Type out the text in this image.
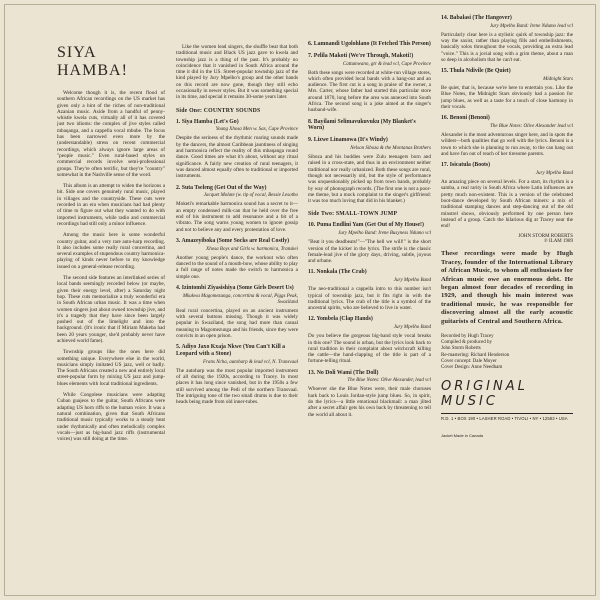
SIYA HAMBA!

Welcome though it is, the recent flood of southern African recordings on the US market has given only a hint of the riches of non-traditional Azanian music. Aside from a handful of penny-whistle kwela cuts, virtually all of it has covered just two idioms: the complex of jive styles called mbaqanga, and a cappella vocal mbube. The focus has been narrowed even more by the (understandable) stress on recent commercial recordings, which always ignore large areas of "people music." Even rural-based styles on commercial records involve semi-professional groups. They're often terrific, but they're "country" somewhat in the Nashville sense of the word.

This album is an attempt to widen the horizons a bit. Side one covers genuinely rural music, played in villages and the countryside. These cuts were recorded in an era when musicians had had plenty of time to figure out what they wanted to do with imported instruments, while radio and commercial recordings had still only a minor influence.

Among the music here is some wonderful country guitar, and a very rare auto-harp recording. It also includes some really rural concertina, and several examples of stupendous country harmonica-playing of kinds never before to my knowledge issued on a general-release recording.

The second side features an interlinked series of local bands seemingly recorded below (or maybe, given their energy level, after) a Saturday night hop. These cuts memorialize a truly wonderful era in South African urban music. It was a time when women singers just about owned township jive, and it's a tragedy that they have since been largely pushed out of the limelight and into the background. (It's ironic that if Miriam Makeba had been 20 years younger, she'd probably never have achieved world fame).

Township groups like the ones here did something unique. Everywhere else in the world, musicians simply imitated US jazz, well or badly. The South Africans created a new and entirely local street-popular form by mixing US jazz and jump-blues elements with local traditional ingredients.

While Congolese musicians were adapting Cuban guajeos to the guitar, South Africans were adapting US horn riffs to the human voice. It was a natural combination, given that South Africans traditional music typically works to a steady beat under rhythmically and often melodically complex vocals—just as big-band jazz riffs (instrumental voices) was still doing at the time.

Like the women lead singers, the shuffle beat that both traditional music and Black US jazz gave to kwela and township jazz is a thing of the past. It's probably no coincidence that it vanished in South Africa around the time it did in the US. Street-popular township jazz of the kind played by Jury Mpelho's group and the other bands on this record are now gone, though they still echo occasionally in newer styles. But it was something special in its time, and special it remains 30-some years later.

Side One: COUNTRY SOUNDS
1. Siya Hamba (Let's Go)
Young Xhosa Men w. Sax, Cape Province

Despite the seriness of the rhythmic roaring sounds made by the dancers, the almost Caribbean jauntiness of singing and harmonica reflect the reality of this mbaqanga round dance. Good times are what it's about, without any ritual significance. A fairly new creation of rural teenagers, it was danced almost equally often to traditional or imported instruments.

2. Suta Tseleng (Get Out of the Way)
Jacquet Molate (w. tip of vocal, Bessie Lesotho

Moketi's remarkable harmonica sound has a secret to it—an empty condensed milk-can that he held over the free end of his instrument to add resonance and a bit of a vibrato. The song warns young women to ignore gossip and not to believe any and every protestation of love.

3. Amazeyiboka (Some Socks are Real Costly)
Xhosa Boys and Girls w. harmonica, Transkei

Another young people's dance, the workout who often danced to the sound of a mouth-bow, whose ability to play a full range of notes made the switch to harmonica a simple one.

4. Izintombi Ziyasishiya (Some Girls Desert Us)
Mkukwa Magomezunga, concertina & vocal, Piggs Peak, Swaziland

Real rural concertina, played on an ancient instrument with several buttons missing. Though it was widely popular in Swaziland, the song had more than casual meaning to Magomezunga and his friends, since they were convicts in an open prison.

5. Adiyo Jaxo Kxaja Nkwe (You Can't Kill a Leopard with a Stone)
Frans Ncha, autoharp & lead vcl, N. Transvaal

The autoharp was the most popular imported instrument of all during the 1920s, according to Tracey. In most places it has long since vanished, but in the 1950s a few still survived among the Pedi of the northern Transvaal. The intriguing tone of the two small drums is due to their heads being made from old inner-tubes.

6. Lamnandi Ugolohlano (It Fetched This Person)
7. Pelila Makoti (We're Through, Makoti!)
Cattumwano, gtr & lead vcl, Cape Province

Both these songs were recorded at white-run village stores, which often provided local bands with a hang-out and an audience. The first cut is a song in praise of the owner, a Mrs. Carter, whose father had started this particular store around 1870, long before the area was annexed into South Africa. The second song is a joke aimed at the singer's husband-wife.

8. Bayilami Selimavukuvuku (My Blanket's Worn)
9. Lizwe Linamowa (It's Windy)
Nelson Siboza & the Montanas Brothers

Siboza and his buddies were Zulu teenagers born and raised in a cross-state, and thus in an environment neither traditional nor really urbanized. Both these songs are rural, though not necessarily old, but the style of performance was unquestionably picked up from town bands, probably by way of phonograph records. (The first one is not a poor-me theme, but a mock complaint to the singer's girlfriend: it was too much loving that did in his blanket.)

Side Two: SMALL-TOWN JUMP
10. Puma Endlini Yam (Get Out of My House!)
Jury Mpelho Band: Irene Busyness Ndumo vcl

"Beat it you deadbeats!"—"The hell we will!" is the short version of the kicker in the lyrics. The strife is the classic female-lead jive of the glory days, driving, subtle, joyous and urbane.

11. Nonkala (The Crab)
Jury Mpelho Band

The neo-traditional a cappella intro to this number isn't typical of township jazz, but it fits right in with the traditional lyrics. The crab of the title is a symbol of the ancestral spirits, who are believed to live in water.

12. Yombela (Clap Hands)
Jury Mpelho Band

Do you believe the gorgeous big-band style vocal breaks in this one? The sound is urban, but the lyrics look back to rural tradition in their complaint about witchcraft killing the cattle—the hand-clapping of the title is part of a fortune-telling ritual.

13. No Doli Wami (The Doll)
The Blue Notes: Olive Alexander, lead vcl

Whoever she the Blue Notes were, their male choruses hark back to Louis Jordan-style jump blues. So, in spirit, do the lyrics—a little emotional blackmail: a man jilted after a secret affair gets his own back by threatening to tell the world all about it.

14. Babalasi (The Hangover)
Jury Mpelho Band: Irene Ndumo lead vcl

Particularly clear here is a stylistic quirk of township jazz: the way the saxist, rather than playing fills and embellishments, basically solos throughout the vocals, providing an extra lead "voice." This is a jovial song with a grim theme, about a man so deep in alcoholism that he can't eat.

15. Thula Ndivile (Be Quiet)
Midnight Stars

Be quiet, that is, because we're here to entertain you. Like the Blue Notes, the Midnight Stars obviously had a passion for jump blues, as well as a taste for a touch of close harmony in their vocals.

16. Benoni (Benoni)
The Blue Notes: Olive Alexander lead vcl

Alexander is the most adventurous singer here, and in spots the wildest—both qualities that go well with the lyrics. Benoni is a town to which she is planning to run away, to the can hang out and have fun out of reach of her tiresome parents.

17. Isicatula (Boots)
Jury Mpelho Band

An amazing piece on several levels. For a start, its rhythm is a samba, a real rarity in South Africa where Latin influences are pretty much non-existent. This is a version of the celebrated boot-dance developed by South African miners: a mix of traditional stamping dances and step-dancing out of the old minstrel shows, obviously performed by one person here instead of a group. Catch the hilarious dig at Tracey near the end!

JOHN STORM ROBERTS
℗ ILAM 1989
These recordings were made by Hugh Tracey, founder of the International Library of African Music, to whom all enthusiasts for African music owe an enormous debt. He began almost four decades of recording in 1929, and though his main interest was traditional music, he was responsible for discovering almost all the early acoustic guitarists of Central and Southern Africa.
Recorded by Hugh Tracey
Compiled & produced by
John Storm Roberts
Re-mastering: Richard Henderson
Cover concept: Dale Moyer
Cover Design: Anne Needham
ORIGINAL MUSIC
R.D. 1 • BOX 190 • LASHER ROAD • TIVOLI • NY • 12583 • USA
Jacket Made in Canada
